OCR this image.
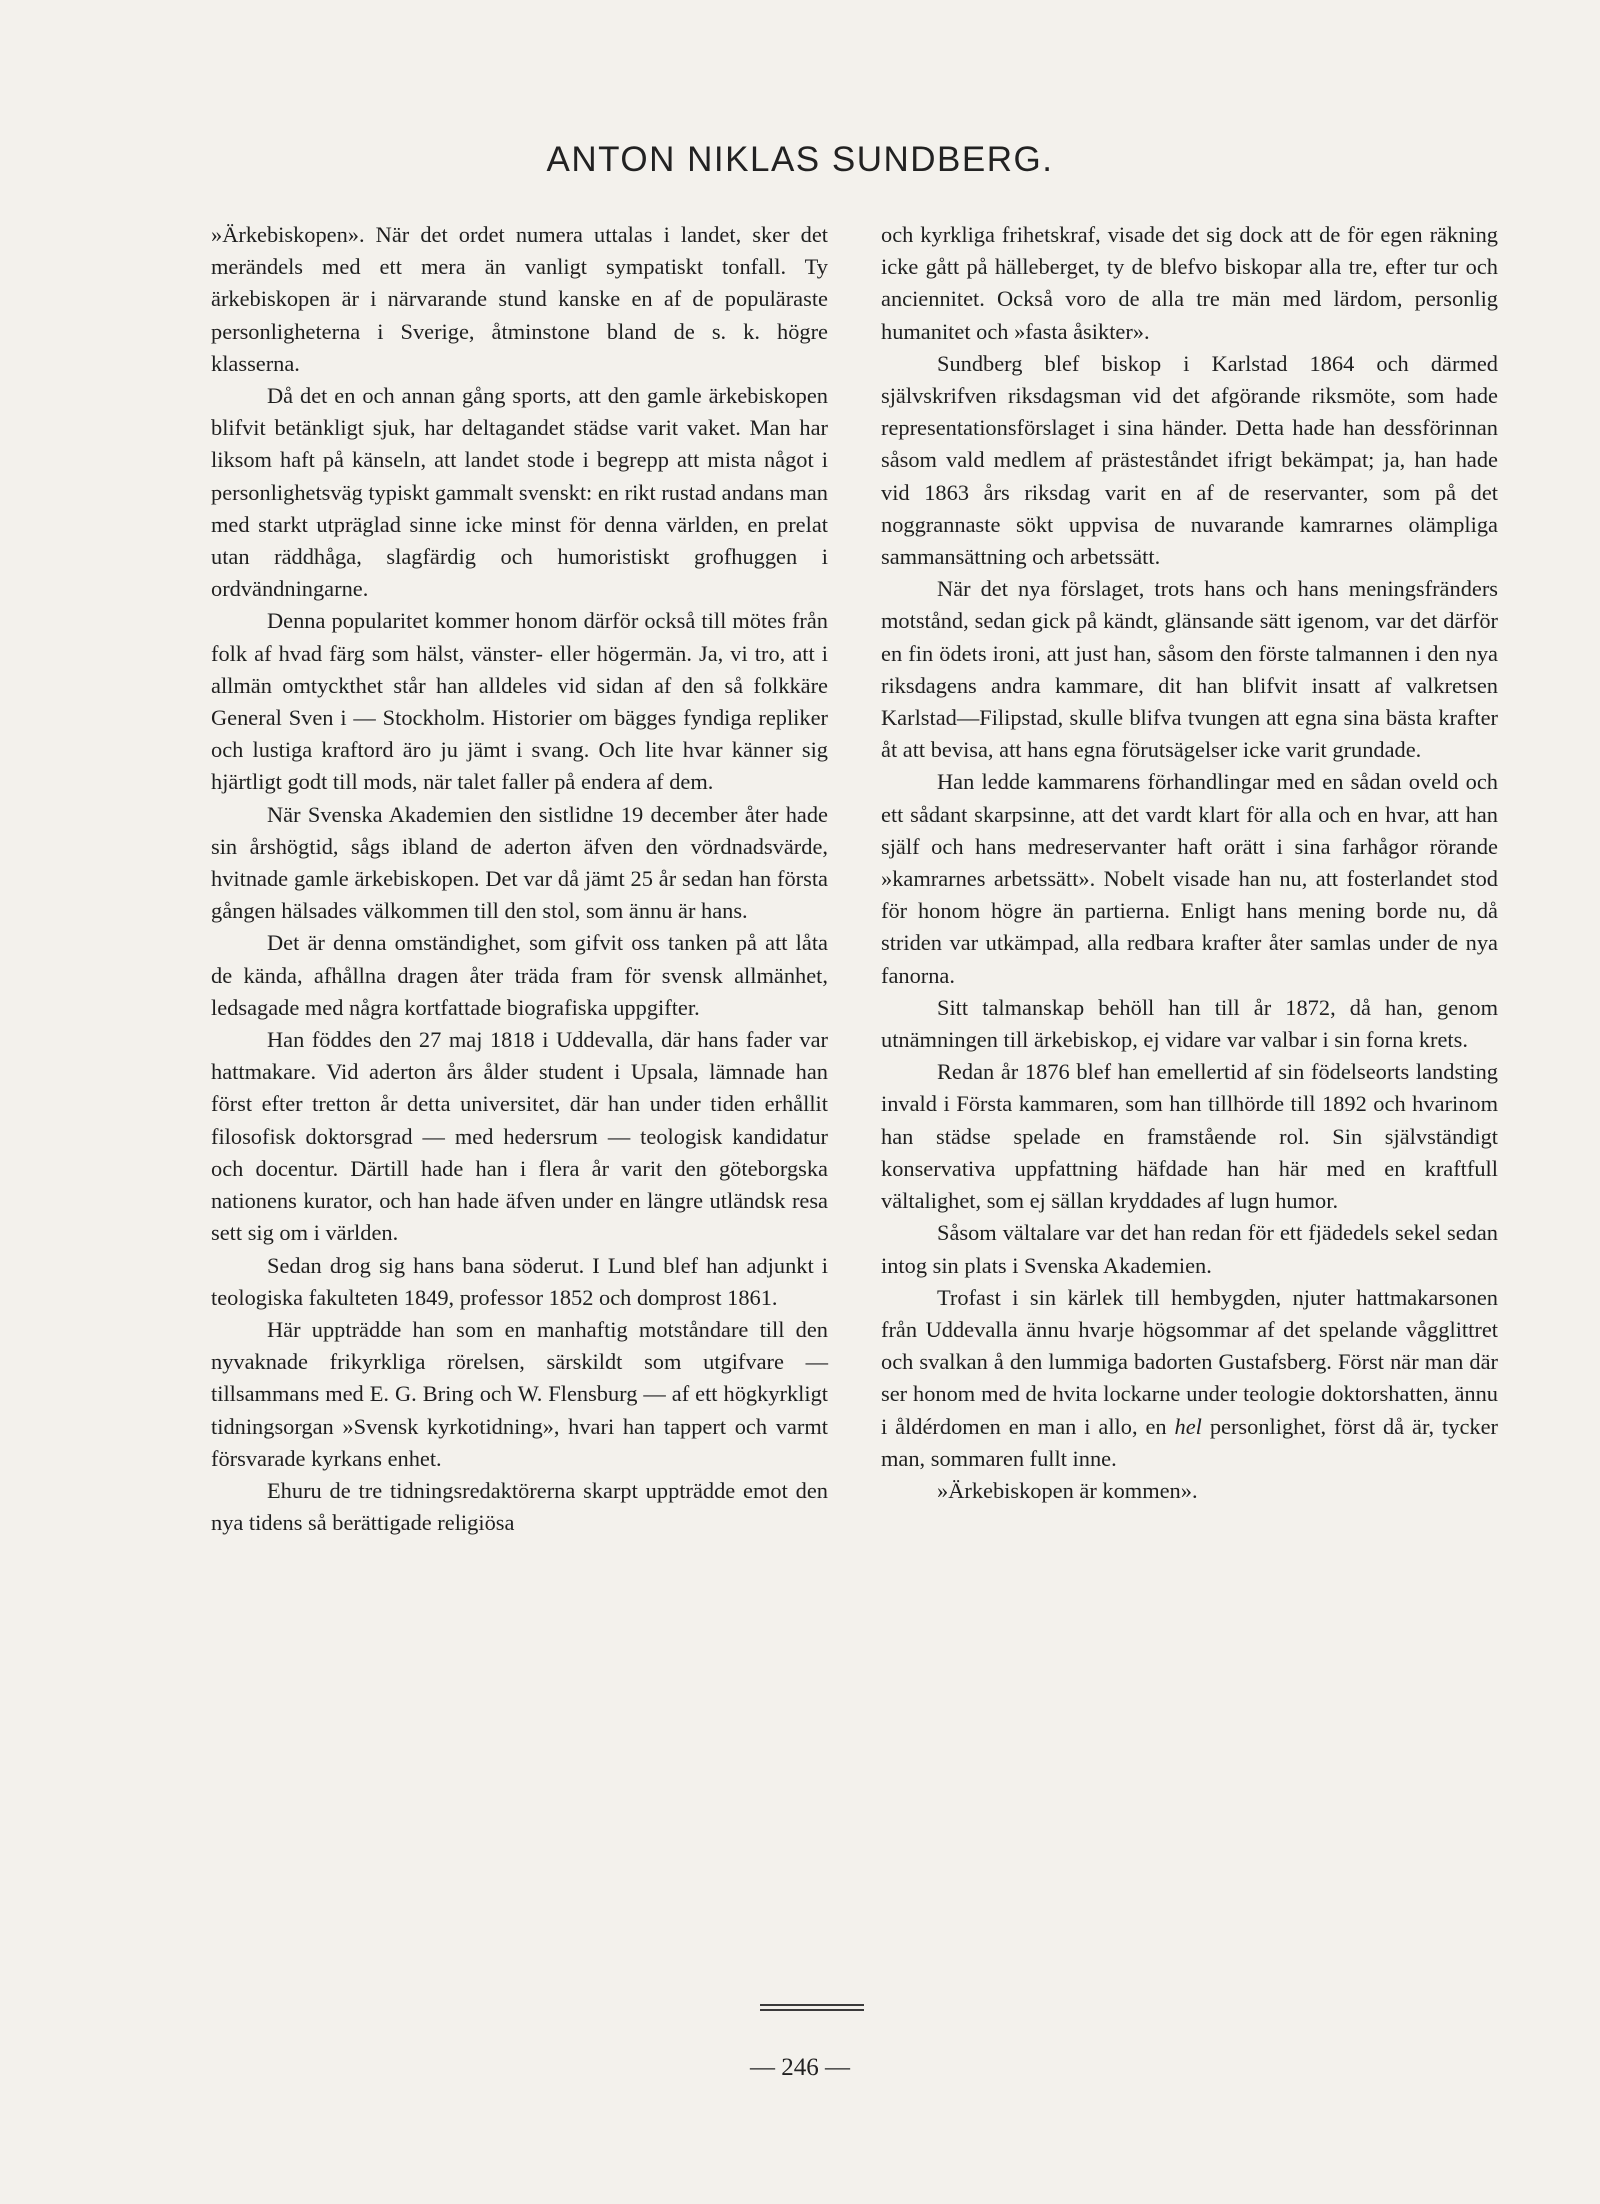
ANTON NIKLAS SUNDBERG.

»Ärkebiskopen». När det ordet numera uttalas i landet, sker det merändels med ett mera än vanligt sympatiskt tonfall. Ty ärkebiskopen är i närvarande stund kanske en af de populäraste personligheterna i Sverige, åtminstone bland de s. k. högre klasserna.

Då det en och annan gång sports, att den gamle ärkebiskopen blifvit betänkligt sjuk, har deltagandet städse varit vaket. Man har liksom haft på känseln, att landet stode i begrepp att mista något i personlighetsväg typiskt gammalt svenskt: en rikt rustad andans man med starkt utpräglad sinne icke minst för denna världen, en prelat utan räddhåga, slagfärdig och humoristiskt grofhuggen i ordvändningarne.

Denna popularitet kommer honom därför också till mötes från folk af hvad färg som hälst, vänster- eller högermän. Ja, vi tro, att i allmän omtyckthet står han alldeles vid sidan af den så folkkäre General Sven i — Stockholm. Historier om bägges fyndiga repliker och lustiga kraftord äro ju jämt i svang. Och lite hvar känner sig hjärtligt godt till mods, när talet faller på endera af dem.

När Svenska Akademien den sistlidne 19 december åter hade sin årshögtid, sågs ibland de aderton äfven den vördnadsvärde, hvitnade gamle ärkebiskopen. Det var då jämt 25 år sedan han första gången hälsades välkommen till den stol, som ännu är hans.

Det är denna omständighet, som gifvit oss tanken på att låta de kända, afhållna dragen åter träda fram för svensk allmänhet, ledsagade med några kortfattade biografiska uppgifter.

Han föddes den 27 maj 1818 i Uddevalla, där hans fader var hattmakare. Vid aderton års ålder student i Upsala, lämnade han först efter tretton år detta universitet, där han under tiden erhållit filosofisk doktorsgrad — med hedersrum — teologisk kandidatur och docentur. Därtill hade han i flera år varit den göteborgska nationens kurator, och han hade äfven under en längre utländsk resa sett sig om i världen.

Sedan drog sig hans bana söderut. I Lund blef han adjunkt i teologiska fakulteten 1849, professor 1852 och domprost 1861.

Här uppträdde han som en manhaftig motståndare till den nyvaknade frikyrkliga rörelsen, särskildt som utgifvare — tillsammans med E. G. Bring och W. Flensburg — af ett högkyrkligt tidningsorgan »Svensk kyrkotidning», hvari han tappert och varmt försvarade kyrkans enhet.

Ehuru de tre tidningsredaktörerna skarpt uppträdde emot den nya tidens så berättigade religiösa

och kyrkliga frihetskraf, visade det sig dock att de för egen räkning icke gått på hälleberget, ty de blefvo biskopar alla tre, efter tur och anciennitet. Också voro de alla tre män med lärdom, personlig humanitet och »fasta åsikter».

Sundberg blef biskop i Karlstad 1864 och därmed självskrifven riksdagsman vid det afgörande riksmöte, som hade representationsförslaget i sina händer. Detta hade han dessförinnan såsom vald medlem af prästeståndet ifrigt bekämpat; ja, han hade vid 1863 års riksdag varit en af de reservanter, som på det noggrannaste sökt uppvisa de nuvarande kamrarnes olämpliga sammansättning och arbetssätt.

När det nya förslaget, trots hans och hans meningsfränders motstånd, sedan gick på kändt, glänsande sätt igenom, var det därför en fin ödets ironi, att just han, såsom den förste talmannen i den nya riksdagens andra kammare, dit han blifvit insatt af valkretsen Karlstad—Filipstad, skulle blifva tvungen att egna sina bästa krafter åt att bevisa, att hans egna förutsägelser icke varit grundade.

Han ledde kammarens förhandlingar med en sådan oveld och ett sådant skarpsinne, att det vardt klart för alla och en hvar, att han själf och hans medreservanter haft orätt i sina farhågor rörande »kamrarnes arbetssätt». Nobelt visade han nu, att fosterlandet stod för honom högre än partierna. Enligt hans mening borde nu, då striden var utkämpad, alla redbara krafter åter samlas under de nya fanorna.

Sitt talmanskap behöll han till år 1872, då han, genom utnämningen till ärkebiskop, ej vidare var valbar i sin forna krets.

Redan år 1876 blef han emellertid af sin födelseorts landsting invald i Första kammaren, som han tillhörde till 1892 och hvarinom han städse spelade en framstående rol. Sin självständigt konservativa uppfattning häfdade han här med en kraftfull vältalighet, som ej sällan kryddades af lugn humor.

Såsom vältalare var det han redan för ett fjädedels sekel sedan intog sin plats i Svenska Akademien.

Trofast i sin kärlek till hembygden, njuter hattmakarsonen från Uddevalla ännu hvarje högsommar af det spelande vågglittret och svalkan å den lummiga badorten Gustafsberg. Först när man där ser honom med de hvita lockarne under teologie doktorshatten, ännu i åldérdomen en man i allo, en hel personlighet, först då är, tycker man, sommaren fullt inne.

»Ärkebiskopen är kommen».

— 246 —
